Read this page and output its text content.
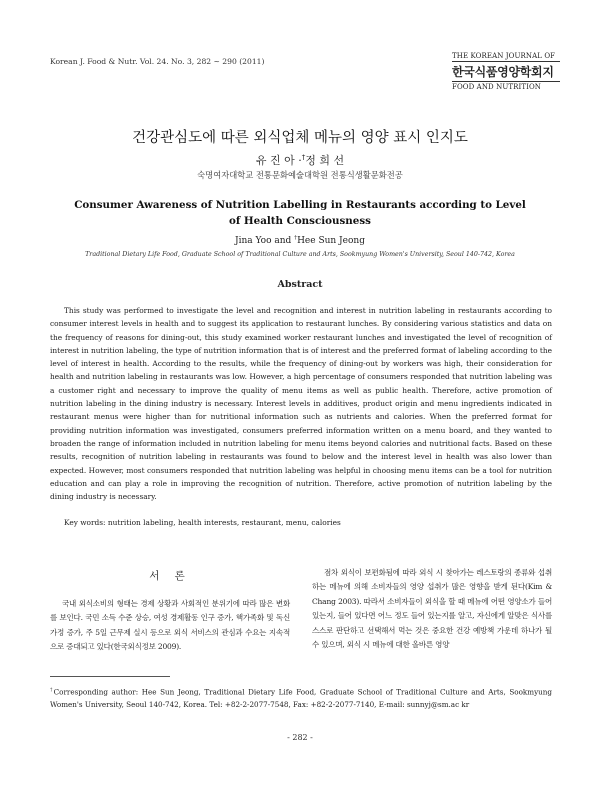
Korean J. Food & Nutr. Vol. 24. No. 3, 282 ~ 290 (2011)
THE KOREAN JOURNAL OF
한국식품영양학회지
FOOD AND NUTRITION
건강관심도에 따른 외식업체 메뉴의 영양 표시 인지도
유 진 아 ·†정 희 선
숙명여자대학교 전통문화예술대학원 전통식생활문화전공
Consumer Awareness of Nutrition Labelling in Restaurants according to Level of Health Consciousness
Jina Yoo and †Hee Sun Jeong
Traditional Dietary Life Food, Graduate School of Traditional Culture and Arts, Sookmyung Women's University, Seoul 140-742, Korea
Abstract
This study was performed to investigate the level and recognition and interest in nutrition labeling in restaurants according to consumer interest levels in health and to suggest its application to restaurant lunches. By considering various statistics and data on the frequency of reasons for dining-out, this study examined worker restaurant lunches and investigated the level of recognition of interest in nutrition labeling, the type of nutrition information that is of interest and the preferred format of labeling according to the level of interest in health. According to the results, while the frequency of dining-out by workers was high, their consideration for health and nutrition labeling in restaurants was low. However, a high percentage of consumers responded that nutrition labeling was a customer right and necessary to improve the quality of menu items as well as public health. Therefore, active promotion of nutrition labeling in the dining industry is necessary. Interest levels in additives, product origin and menu ingredients indicated in restaurant menus were higher than for nutritional information such as nutrients and calories. When the preferred format for providing nutrition information was investigated, consumers preferred information written on a menu board, and they wanted to broaden the range of information included in nutrition labeling for menu items beyond calories and nutritional facts. Based on these results, recognition of nutrition labeling in restaurants was found to below and the interest level in health was also lower than expected. However, most consumers responded that nutrition labeling was helpful in choosing menu items can be a tool for nutrition education and can play a role in improving the recognition of nutrition. Therefore, active promotion of nutrition labeling by the dining industry is necessary.
Key words: nutrition labeling, health interests, restaurant, menu, calories
서 론
국내 외식소비의 형태는 경제 상황과 사회적인 분위기에 따라 많은 변화를 보인다. 국민 소득 수준 상승, 여성 경제활동 인구 증가, 핵가족화 및 독신 가정 증가, 주 5일 근무제 실시 등으로 외식 서비스의 관심과 수요는 지속적으로 증대되고 있다(한국외식정보 2009).
점차 외식이 보편화됨에 따라 외식 시 찾아가는 레스토랑의 종류와 섭취하는 메뉴에 의해 소비자들의 영양 섭취가 많은 영향을 받게 된다(Kim & Chang 2003). 따라서 소비자들이 외식을 할 때 메뉴에 어떤 영양소가 들어 있는지, 들어 있다면 어느 정도 들어 있는지를 알고, 자신에게 알맞은 식사를 스스로 판단하고 선택해서 먹는 것은 중요한 건강 예방책 가운데 하나가 될 수 있으며, 외식 시 메뉴에 대한 올바른 영양
†Corresponding author: Hee Sun Jeong, Traditional Dietary Life Food, Graduate School of Traditional Culture and Arts, Sookmyung Women's University, Seoul 140-742, Korea. Tel: +82-2-2077-7548, Fax: +82-2-2077-7140, E-mail: sunnyj@sm.ac kr
- 282 -
